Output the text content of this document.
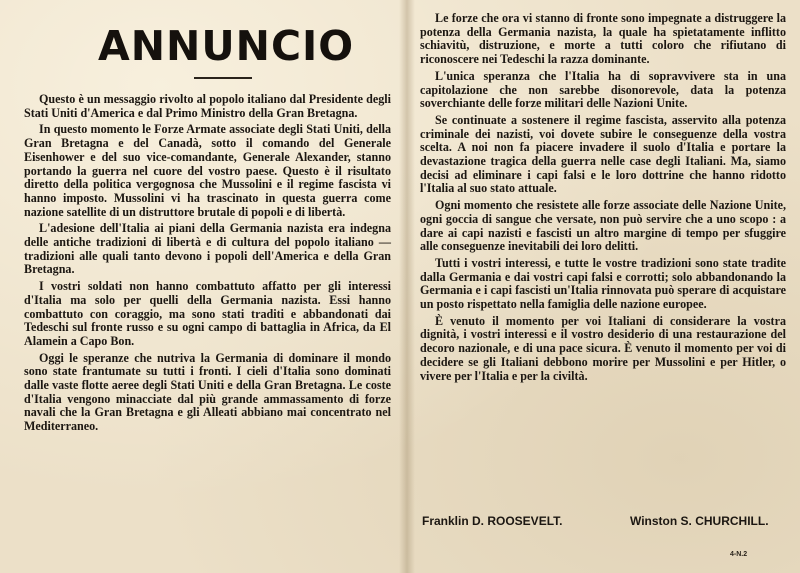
ANNUNCIO

Questo è un messaggio rivolto al popolo italiano dal Presidente degli Stati Uniti d'America e dal Primo Ministro della Gran Bretagna.

In questo momento le Forze Armate associate degli Stati Uniti, della Gran Bretagna e del Canadà, sotto il comando del Generale Eisenhower e del suo vice-comandante, Generale Alexander, stanno portando la guerra nel cuore del vostro paese. Questo è il risultato diretto della politica vergognosa che Mussolini e il regime fascista vi hanno imposto. Mussolini vi ha trascinato in questa guerra come nazione satellite di un distruttore brutale di popoli e di libertà.

L'adesione dell'Italia ai piani della Germania nazista era indegna delle antiche tradizioni di libertà e di cultura del popolo italiano — tradizioni alle quali tanto devono i popoli dell'America e della Gran Bretagna.

I vostri soldati non hanno combattuto affatto per gli interessi d'Italia ma solo per quelli della Germania nazista. Essi hanno combattuto con coraggio, ma sono stati traditi e abbandonati dai Tedeschi sul fronte russo e su ogni campo di battaglia in Africa, da El Alamein a Capo Bon.

Oggi le speranze che nutriva la Germania di dominare il mondo sono state frantumate su tutti i fronti. I cieli d'Italia sono dominati dalle vaste flotte aeree degli Stati Uniti e della Gran Bretagna. Le coste d'Italia vengono minacciate dal più grande ammassamento di forze navali che la Gran Bretagna e gli Alleati abbiano mai concentrato nel Mediterraneo.

Le forze che ora vi stanno di fronte sono impegnate a distruggere la potenza della Germania nazista, la quale ha spietatamente inflitto schiavitù, distruzione, e morte a tutti coloro che rifiutano di riconoscere nei Tedeschi la razza dominante.

L'unica speranza che l'Italia ha di sopravvivere sta in una capitolazione che non sarebbe disonorevole, data la potenza soverchiante delle forze militari delle Nazioni Unite.

Se continuate a sostenere il regime fascista, asservito alla potenza criminale dei nazisti, voi dovete subire le conseguenze della vostra scelta. A noi non fa piacere invadere il suolo d'Italia e portare la devastazione tragica della guerra nelle case degli Italiani. Ma, siamo decisi ad eliminare i capi falsi e le loro dottrine che hanno ridotto l'Italia al suo stato attuale.

Ogni momento che resistete alle forze associate delle Nazione Unite, ogni goccia di sangue che versate, non può servire che a uno scopo : a dare ai capi nazisti e fascisti un altro margine di tempo per sfuggire alle conseguenze inevitabili dei loro delitti.

Tutti i vostri interessi, e tutte le vostre tradizioni sono state tradite dalla Germania e dai vostri capi falsi e corrotti; solo abbandonando la Germania e i capi fascisti un'Italia rinnovata può sperare di acquistare un posto rispettato nella famiglia delle nazione europee.

È venuto il momento per voi Italiani di considerare la vostra dignità, i vostri interessi e il vostro desiderio di una restaurazione del decoro nazionale, e di una pace sicura. È venuto il momento per voi di decidere se gli Italiani debbono morire per Mussolini e per Hitler, o vivere per l'Italia e per la civiltà.

Franklin D. ROOSEVELT.	Winston S. CHURCHILL.
4-N.2
